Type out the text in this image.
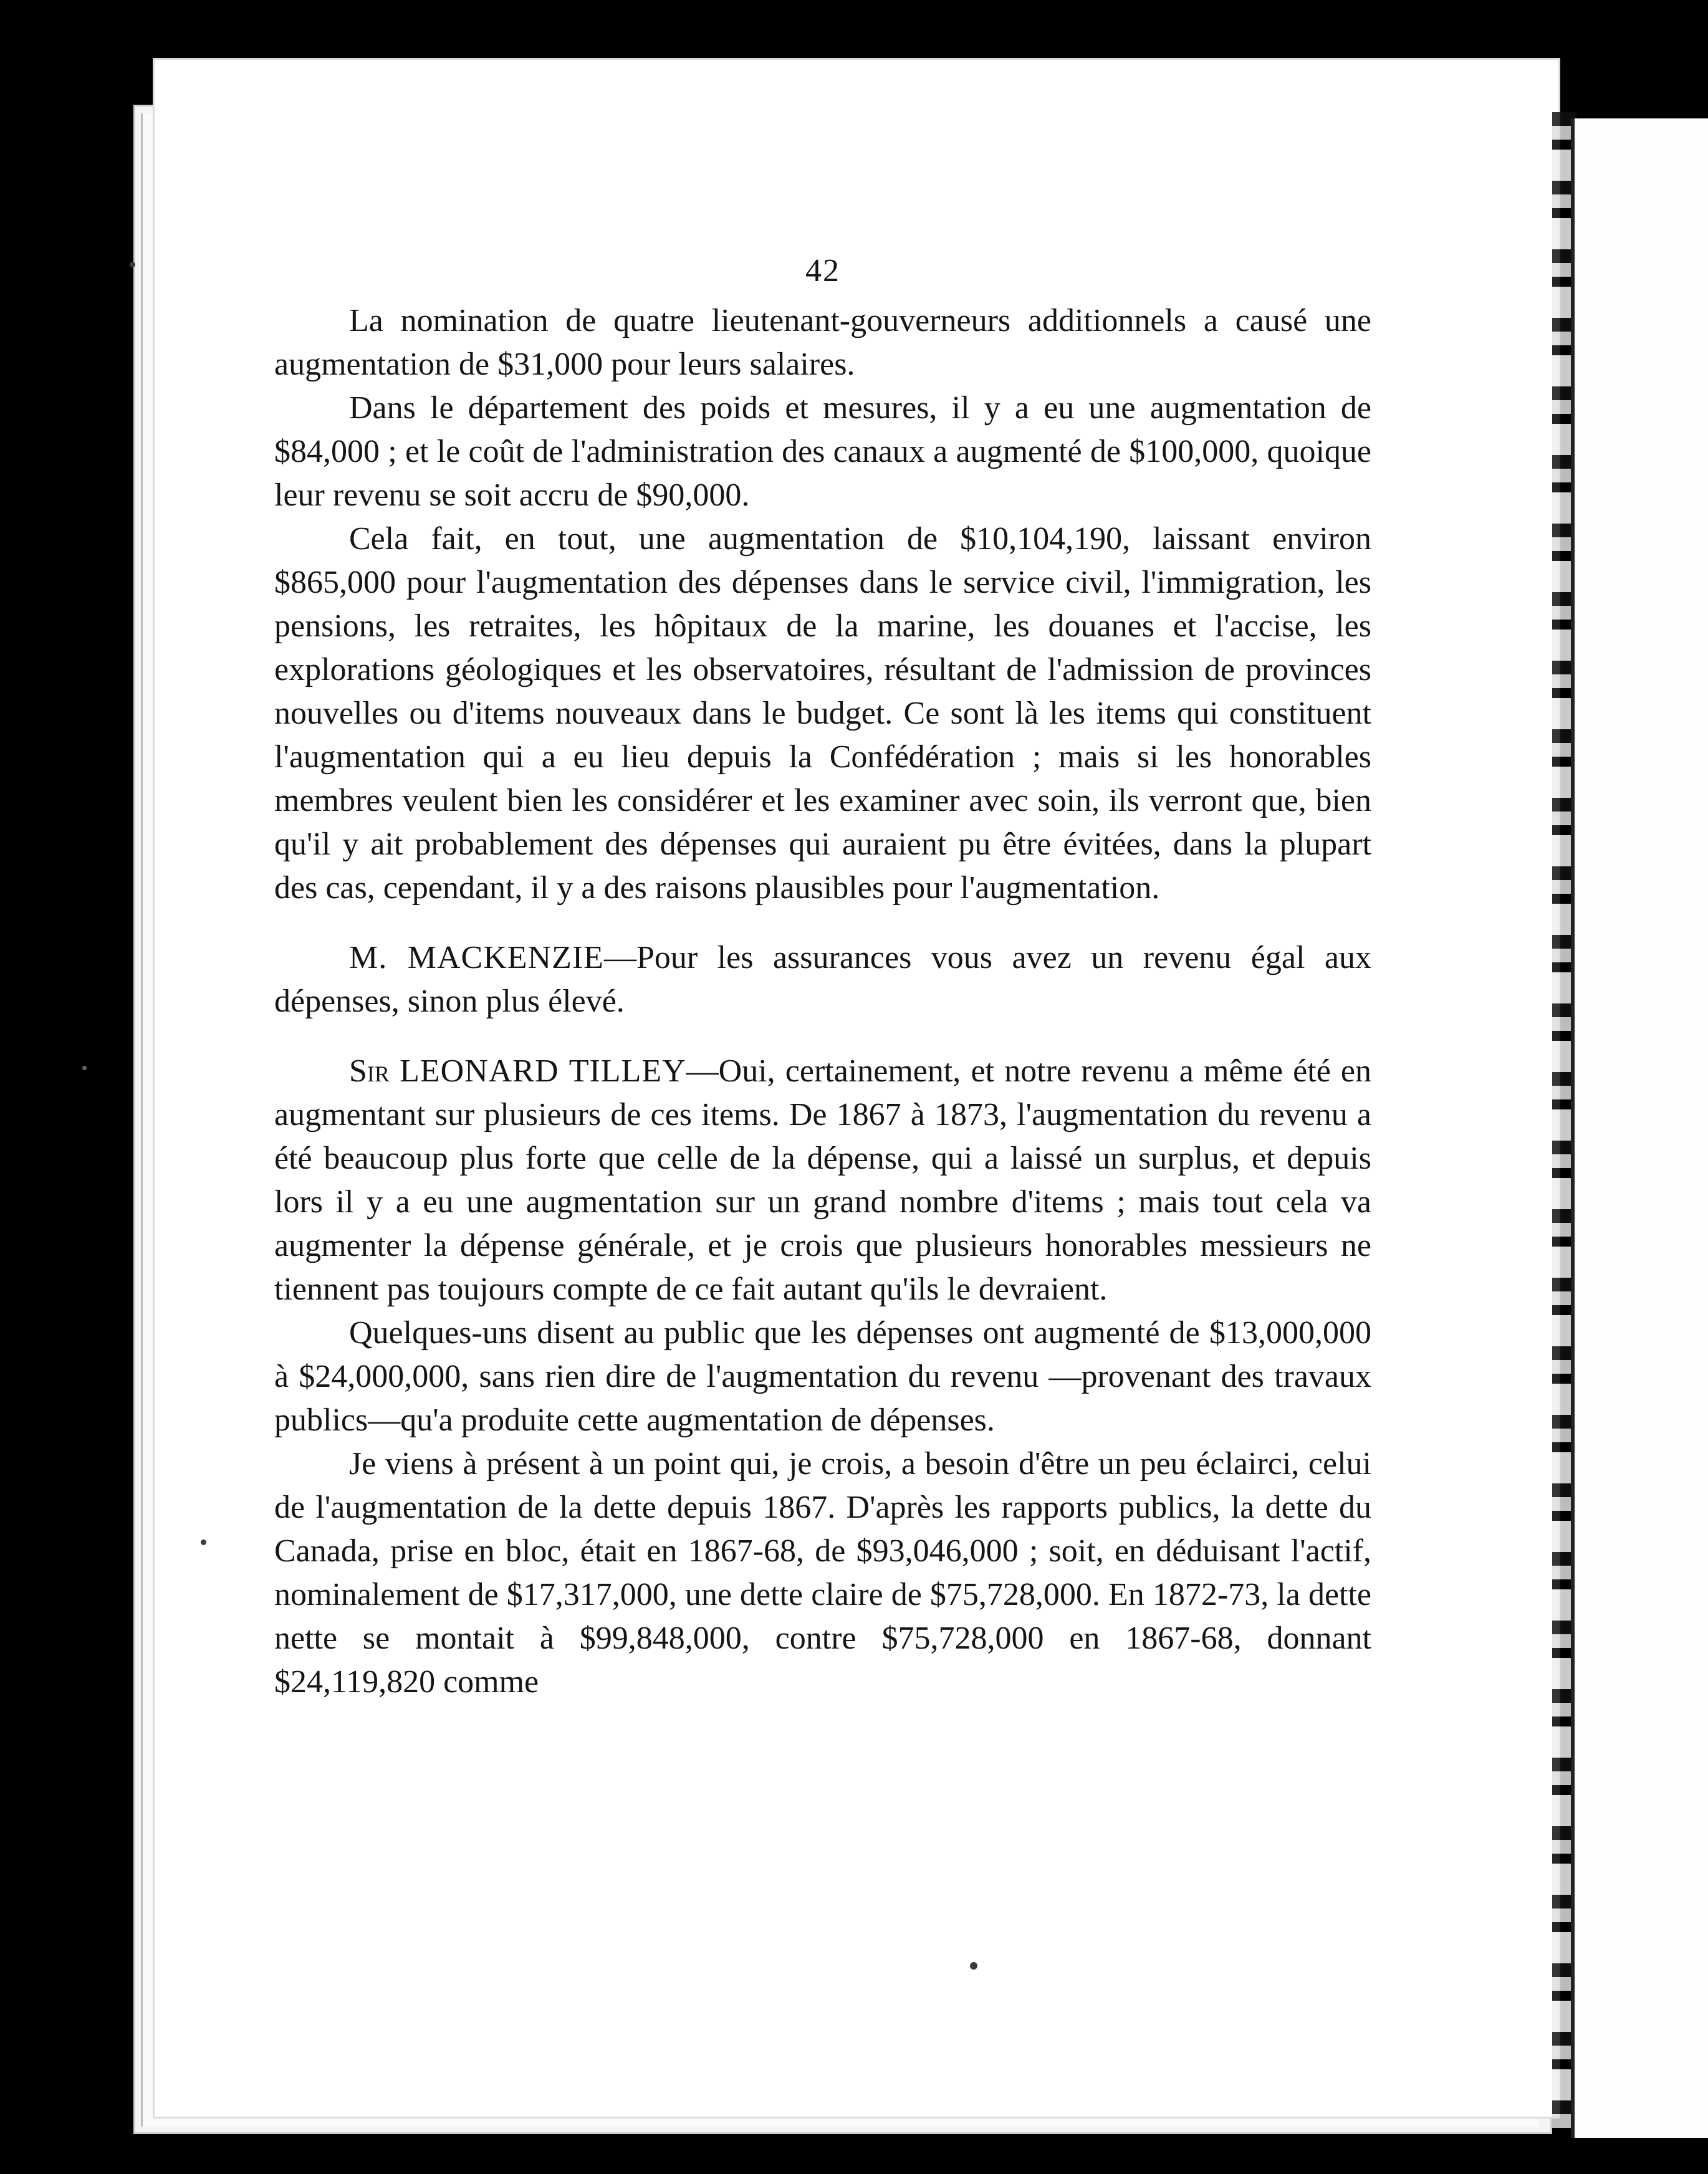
42

La nomination de quatre lieutenant-gouverneurs additionnels a causé une augmentation de $31,000 pour leurs salaires.

Dans le département des poids et mesures, il y a eu une augmentation de $84,000 ; et le coût de l'administration des canaux a augmenté de $100,000, quoique leur revenu se soit accru de $90,000.

Cela fait, en tout, une augmentation de $10,104,190, laissant environ $865,000 pour l'augmentation des dépenses dans le service civil, l'immigration, les pensions, les retraites, les hôpitaux de la marine, les douanes et l'accise, les explorations géologiques et les observatoires, résultant de l'admission de provinces nouvelles ou d'items nouveaux dans le budget. Ce sont là les items qui constituent l'augmentation qui a eu lieu depuis la Confédération ; mais si les honorables membres veulent bien les considérer et les examiner avec soin, ils verront que, bien qu'il y ait probablement des dépenses qui auraient pu être évitées, dans la plupart des cas, cependant, il y a des raisons plausibles pour l'augmentation.

M. MACKENZIE—Pour les assurances vous avez un revenu égal aux dépenses, sinon plus élevé.

Sir LEONARD TILLEY—Oui, certainement, et notre revenu a même été en augmentant sur plusieurs de ces items. De 1867 à 1873, l'augmentation du revenu a été beaucoup plus forte que celle de la dépense, qui a laissé un surplus, et depuis lors il y a eu une augmentation sur un grand nombre d'items ; mais tout cela va augmenter la dépense générale, et je crois que plusieurs honorables messieurs ne tiennent pas toujours compte de ce fait autant qu'ils le devraient.

Quelques-uns disent au public que les dépenses ont augmenté de $13,000,000 à $24,000,000, sans rien dire de l'augmentation du revenu —provenant des travaux publics—qu'a produite cette augmentation de dépenses.

Je viens à présent à un point qui, je crois, a besoin d'être un peu éclairci, celui de l'augmentation de la dette depuis 1867. D'après les rapports publics, la dette du Canada, prise en bloc, était en 1867-68, de $93,046,000 ; soit, en déduisant l'actif, nominalement de $17,317,000, une dette claire de $75,728,000. En 1872-73, la dette nette se montait à $99,848,000, contre $75,728,000 en 1867-68, donnant $24,119,820 comme
